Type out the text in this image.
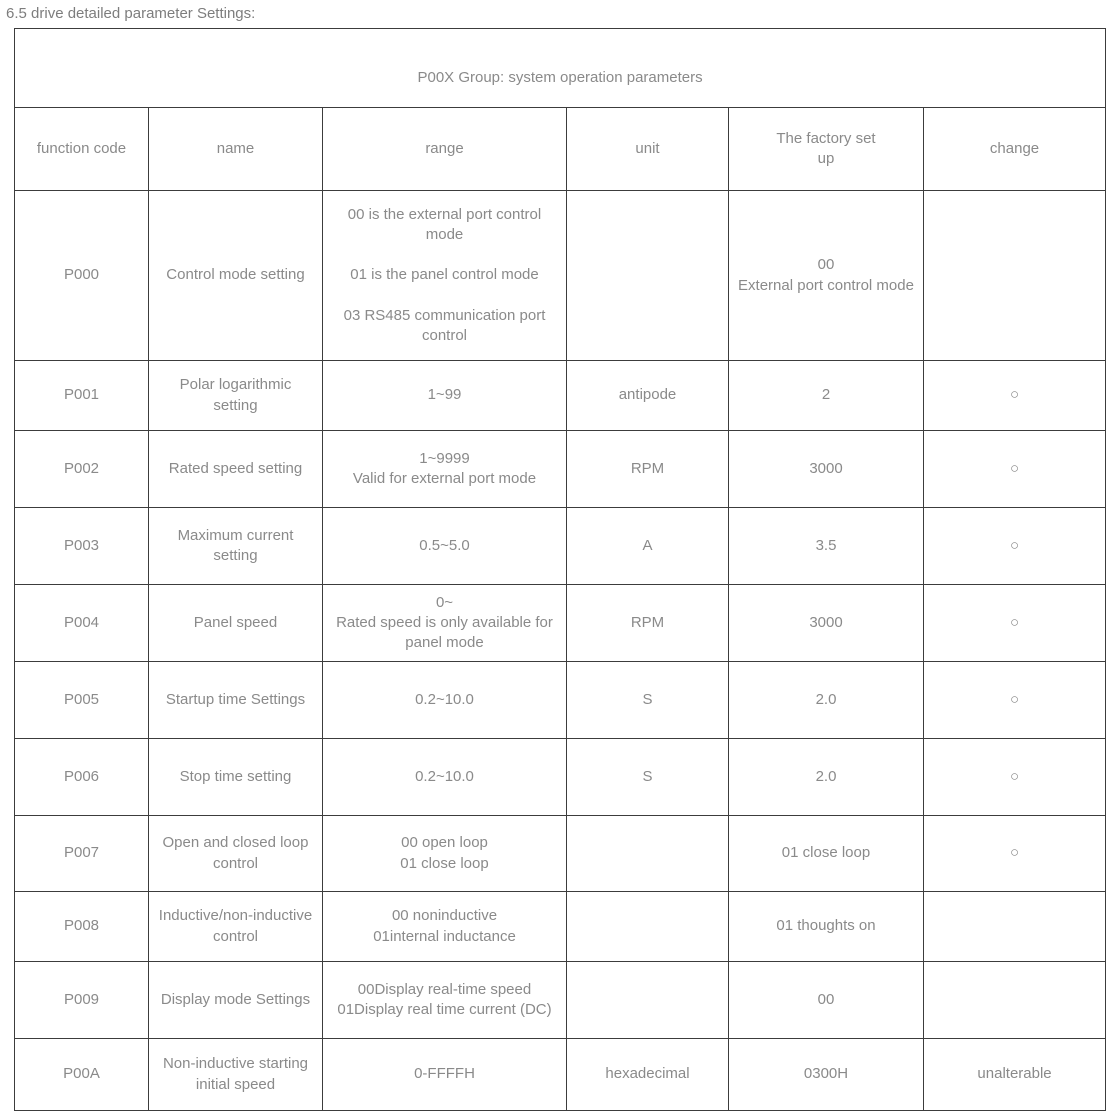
6.5 drive detailed parameter Settings:

P00X Group: system operation parameters					

function code	name	range	unit	The factory set up	change
P000	Control mode setting	00 is the external port control mode

01 is the panel control mode

03 RS485 communication port control		00
External port control mode	
P001	Polar logarithmic setting	1~99	antipode	2	○
P002	Rated speed setting	1~9999
Valid for external port mode	RPM	3000	○
P003	Maximum current setting	0.5~5.0	A	3.5	○
P004	Panel speed	0~
Rated speed is only available for panel mode	RPM	3000	○
P005	Startup time Settings	0.2~10.0	S	2.0	○
P006	Stop time setting	0.2~10.0	S	2.0	○
P007	Open and closed loop control	00 open loop
01 close loop		01 close loop	○
P008	Inductive/non-inductive control	00 noninductive
01internal inductance		01 thoughts on	
P009	Display mode Settings	00Display real-time speed
01Display real time current (DC)		00	
P00A	Non-inductive starting initial speed	0-FFFFH	hexadecimal	0300H	unalterable
